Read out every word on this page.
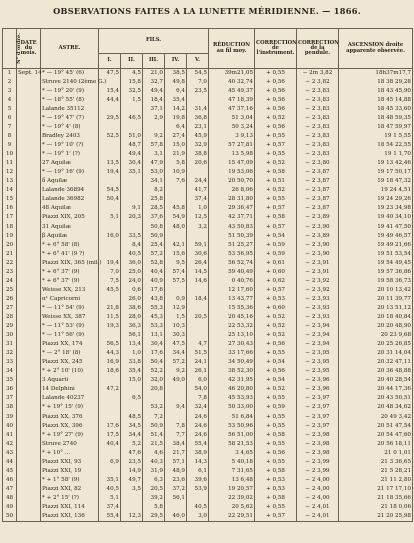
OBSERVATIONS FAITES A LA LUNETTE MÉRIDIENNE. — 1866.
N° d'ordre.	DATE du mois.	ASTRE.	FILS.					RÉDUCTION au fil moy.	CORRECTION de l'instrument.	CORRECTION de la pendule.	ASCENSION droite apparente observée.
			I.	II.	III.	IV.	V.				
1	Sept. 14	* — 19° 45' (6)	47,5	4,5	21,0	38,5	54,5	39m21,05	+ 0,55	− 2m 3,82	18h37m17,7
2		Struve 2140 (2ème G.)		15,8	32,7	49,8	7,0	40 32,74	+ 0,56	− 2 3,82	18 38 29,28
3		* — 19° 20' (9)	15,4	32,5	49,4	6,4	23,5	45 49,37	+ 0,56	− 2 3,83	18 43 45,90
4		* — 18° 55' (8)	44,4	1,5	18,4	35,4		47 18,39	+ 0,56	− 2 3,83	18 45 14,88
5		Lalande 35112			37,1	14,2	31,4	47 37,16	+ 0,56	− 2 3,83	18 45 33,60
6		* — 19° 47' (7)	29,5	46,5	2,9	19,8	36,8	51 3,04	+ 0,52	− 2 3,83	18 48 59,35
7		* — 19° 4' (8)				6,4	23,1	50 3,24	+ 0,56	− 2 3,83	18 47 59,97
8		Bradley 2403	52,5	51,0	9,2	27,4	45,9	3 9,13	+ 0,55	− 2 3,83	19 1 5,55
9		* — 19° 10' (?)		48,7	57,8	15,0	32,9	57 27,81	+ 0,57	− 2 3,83	18 54 22,55
10		* — 19° 1' (?)		49,4	3,1	21,9	38,8	13 5,98	+ 0,55	− 2 3,83	19 1 1,70
11		27 Aquilæ	13,5	30,4	47,9	5,8	20,6	15 47,09	+ 0,52	− 2 3,80	19 13 42,46
12		* — 19° 16' (9)	19,4	35,1	53,0	10,9		19 53,06	+ 0,58	− 2 3,87	19 17 50,17
13		δ Aquilæ			34,1	7,6	24,4	20 50,70	+ 0,51	− 2 3,87	19 18 47,32
14		Lalande 36894	54,5		8,2		41,7	26 8,06	+ 0,52	− 2 3,87	19 24 4,51
15		Lalande 36982	50,4		25,8		37,4	28 31,80	+ 0,55	− 2 3,87	19 24 29,26
16		48 Aquilæ		9,1	28,5	45,8	1,0	29 36,47	+ 0,57	− 2 3,87	19 23 34,98
17		Piazzi XIX, 205	5,1	20,3	37,6	54,9	12,5	42 37,71	+ 0,58	− 2 3,89	19 40 34,10
18		31 Aquilæ			50,8	48,0	3,2	43 50,83	+ 0,57	− 2 3,90	19 41 47,50
19		β Aquilæ	16,0	33,5	50,9			51 50,39	+ 0,54	− 2 3,89	19 49 46,57
20		* + 6° 58' (8)		8,4	25,4	42,1	59,1	51 25,27	+ 0,59	− 2 3,90	19 49 21,66
21		* + 6° 41' (9 ?)		40,5	57,2	15,6	30,6	53 56,95	+ 0,59	− 2 3,90	19 51 53,54
22		Piazzi XIX, 365 (mil.)	19,4	36,0	52,8	9,5	26,4	56 52,74	+ 0,61	− 2 3,91	19 54 49,45
23		* + 6° 37' (9)	7,0	25,0	40,4	57,4	14,5	59 40,49	+ 0,60	− 2 3,91	19 57 36,86
24		* + 6° 37' (9)	7,5	24,0	40,9	57,5	14,6	0 40,76	+ 0,62	− 2 3,92	19 58 36,73
25		Weisse XX, 213	45,5	0,6	17,6			12 17,60	+ 0,57	− 2 3,92	20 10 13,42
26		α¹ Capricorni		26,0	43,8	0,9	18,4	13 43,77	+ 0,53	− 2 3,93	20 11 39,77
27		* — 11° 54' (9)	21,8	38,6	55,3	12,9		15 55,36	+ 0,60	− 2 3,93	20 13 51,12
28		Weisse XX, 387	11,5	28,0	45,3	1,5	20,5	20 45,16	+ 0,52	− 2 3,93	20 18 40,84
29		* — 11° 53' (9)	19,3	36,3	53,3	10,3		22 53,32	+ 0,52	− 2 3,94	20 20 48,90
30		* — 11° 56' (9)		56,1	13,1	30,3		25 13,10	+ 0,52	− 2 3,94	20 23 9,68
31		Piazzi XX, 174	56,5	13,4	30,4	47,5	4,7	27 30,43	+ 0,56	− 2 3,94	20 25 26,85
32		* — 2° 18' (8)	44,3	1,0	17,6	34,4	51,5	33 17,66	+ 0,55	− 2 3,95	20 31 14,04
33		Piazzi XX, 245	16,9	33,8	50,4	57,2	24,1	34 50,49	+ 0,54	− 2 3,95	20 32 47,11
34		* + 2° 10' (10)	18,6	35,4	52,2	9,2	26,1	38 52,30	+ 0,56	− 2 3,95	20 36 48,88
35		3 Aquarii		15,0	32,0	49,0	6,0	42 31,95	+ 0,54	− 2 3,96	20 40 28,54
36		14 Delphini	47,2		20,8		54,0	46 20,80	+ 0,52	− 2 3,96	20 44 17,36
37		Lalande 40237		6,5			7,8	45 53,93	+ 0,55	− 2 3,97	20 43 50,51
38		* + 19° 15' (9)			53,2	9,4	32,4	50 33,00	+ 0,59	− 2 3,97	20 48 34,62
39		Piazzi XX, 376		48,5	7,2		24,6	51 6,84	+ 0,55	− 2 3,97	20 49 3,42
40		Piazzi XX, 396	17,6	34,5	50,9	7,8	24,6	53 50,96	+ 0,55	− 2 3,97	20 51 47,54
41		* + 19° 27' (9)	17,5	34,4	51,4	7,7	24,6	56 51,00	+ 0,58	− 2 3,98	20 54 47,60
42		Struve 2740	40,4	5,2	21,5	38,4	55,4	58 21,53	+ 0,55	− 2 3,98	20 56 18,11
43		* + 10° ...		47,6	4,6	21,7	38,9	3 4,65	+ 0,56	− 2 3,98	21 0 1,01
44		Piazzi XXI, 93	6,9	23,5	40,3	57,1	14,3	5 40,18	+ 0,55	− 2 3,99	21 3 36,65
45		Piazzi XXI, 19		14,9	31,9	48,9	6,1	7 31,65	+ 0,58	− 2 3,99	21 5 28,21
46		* + 1° 58' (9)	35,1	49,7	6,3	23,6	39,6	13 6,48	+ 0,53	− 2 4,00	21 11 2,80
47		Piazzi XXI, 82	40,5	3,5	20,5	37,2	53,9	19 20,57	+ 0,53	− 2 4,00	21 17 17,10
48		* + 2° 15' (?)	5,1		39,2	56,1		22 39,02	+ 0,58	− 2 4,00	21 18 35,66
49		Piazzi XXI, 114	37,4		5,8		40,5	20 5,62	+ 0,55	− 2 4,01	21 18 0,06
50		Piazzi XXI, 136	55,4	12,3	29,5	46,0	3,0	22 29,51	+ 0,57	− 2 4,01	21 20 25,98
